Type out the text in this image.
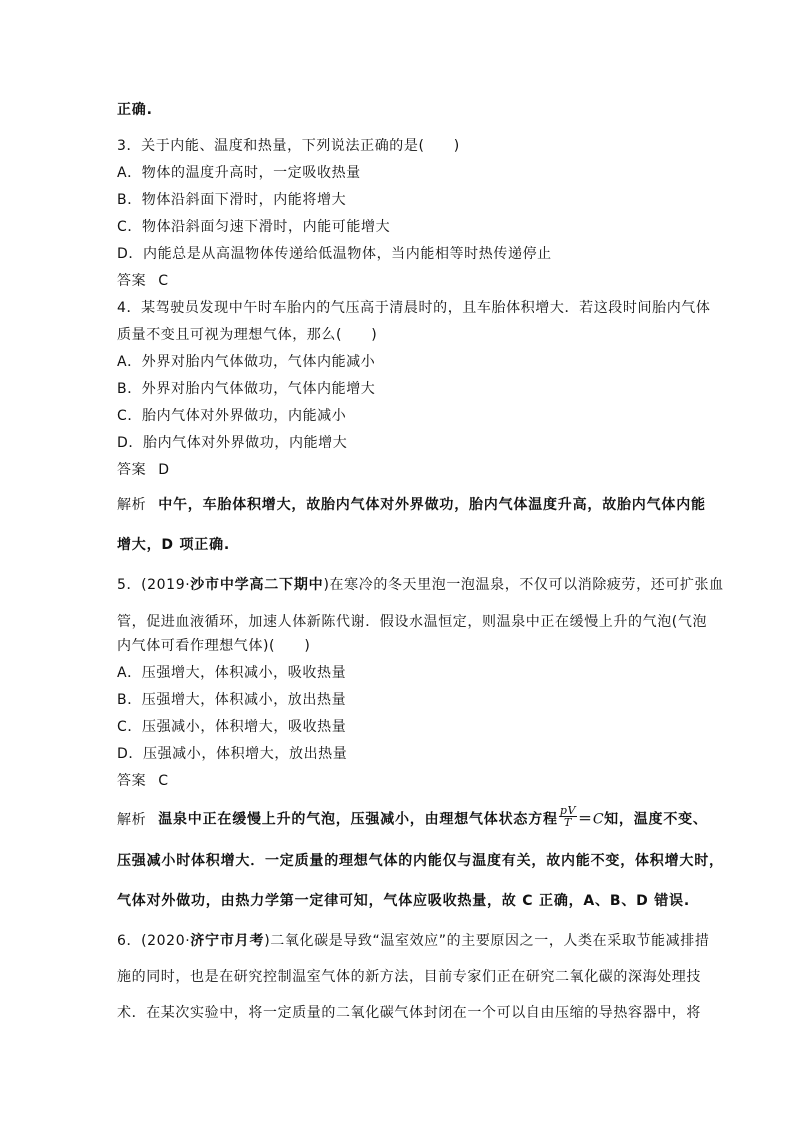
正确.
3．关于内能、温度和热量，下列说法正确的是(　　)
A．物体的温度升高时，一定吸收热量
B．物体沿斜面下滑时，内能将增大
C．物体沿斜面匀速下滑时，内能可能增大
D．内能总是从高温物体传递给低温物体，当内能相等时热传递停止
答案 C
4．某驾驶员发现中午时车胎内的气压高于清晨时的，且车胎体积增大．若这段时间胎内气体
质量不变且可视为理想气体，那么(　　)
A．外界对胎内气体做功，气体内能减小
B．外界对胎内气体做功，气体内能增大
C．胎内气体对外界做功，内能减小
D．胎内气体对外界做功，内能增大
答案 D
解析 中午，车胎体积增大，故胎内气体对外界做功，胎内气体温度升高，故胎内气体内能
增大，D 项正确.
5．(2019·沙市中学高二下期中)在寒冷的冬天里泡一泡温泉，不仅可以消除疲劳，还可扩张血
管，促进血液循环，加速人体新陈代谢．假设水温恒定，则温泉中正在缓慢上升的气泡(气泡
内气体可看作理想气体)(　　)
A．压强增大，体积减小，吸收热量
B．压强增大，体积减小，放出热量
C．压强减小，体积增大，吸收热量
D．压强减小，体积增大，放出热量
答案 C
解析 温泉中正在缓慢上升的气泡，压强减小，由理想气体状态方程 $\frac{pV}{T} =C$知，温度不变、
压强减小时体积增大．一定质量的理想气体的内能仅与温度有关，故内能不变，体积增大时，
气体对外做功，由热力学第一定律可知，气体应吸收热量，故 C 正确，A、B、D 错误.
6．(2020·济宁市月考)二氧化碳是导致“温室效应”的主要原因之一，人类在采取节能减排措
施的同时，也是在研究控制温室气体的新方法，目前专家们正在研究二氧化碳的深海处理技
术．在某次实验中，将一定质量的二氧化碳气体封闭在一个可以自由压缩的导热容器中，将
